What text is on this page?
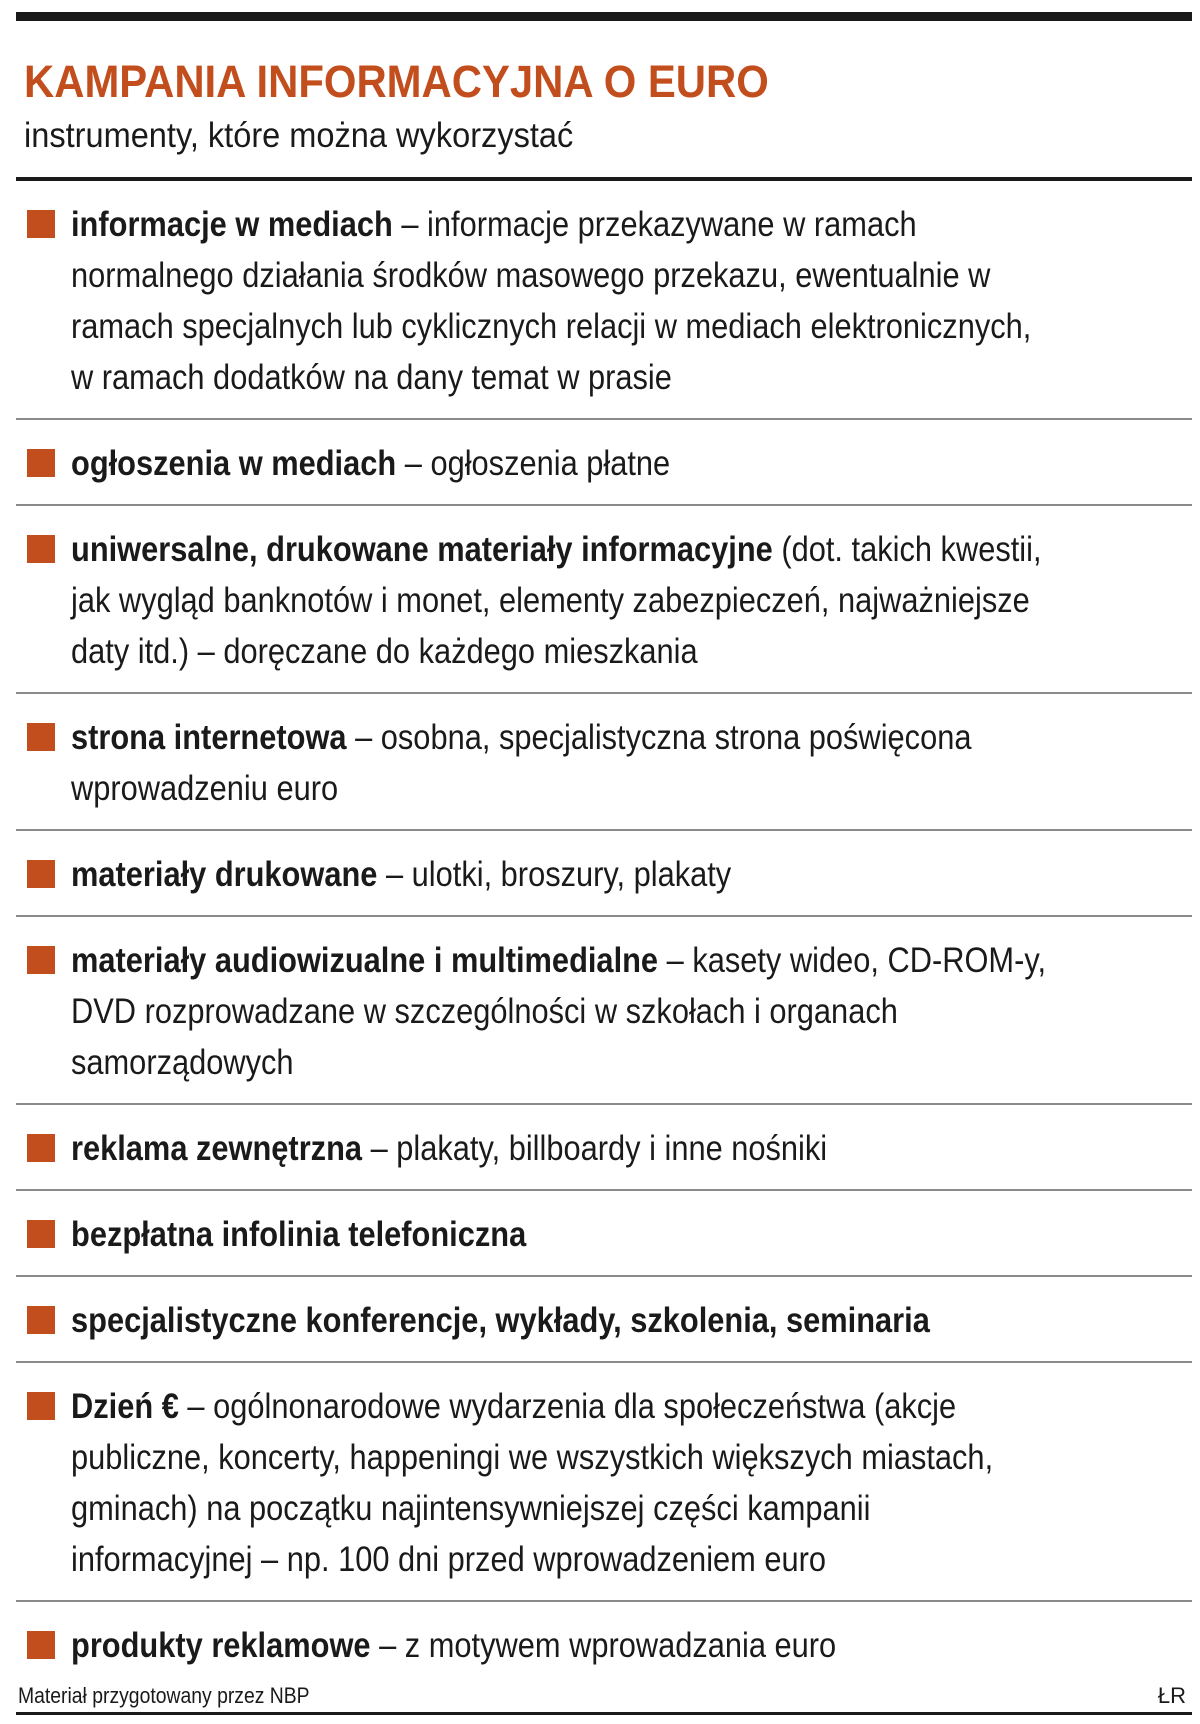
KAMPANIA INFORMACYJNA O EURO
instrumenty, które można wykorzystać
informacje w mediach – informacje przekazywane w ramach normalnego działania środków masowego przekazu, ewentualnie w ramach specjalnych lub cyklicznych relacji w mediach elektronicznych, w ramach dodatków na dany temat w prasie
ogłoszenia w mediach – ogłoszenia płatne
uniwersalne, drukowane materiały informacyjne (dot. takich kwestii, jak wygląd banknotów i monet, elementy zabezpieczeń, najważniejsze daty itd.) – doręczane do każdego mieszkania
strona internetowa – osobna, specjalistyczna strona poświęcona wprowadzeniu euro
materiały drukowane – ulotki, broszury, plakaty
materiały audiowizualne i multimedialne – kasety wideo, CD-ROM-y, DVD rozprowadzane w szczególności w szkołach i organach samorządowych
reklama zewnętrzna – plakaty, billboardy i inne nośniki
bezpłatna infolinia telefoniczna
specjalistyczne konferencje, wykłady, szkolenia, seminaria
Dzień € – ogólnonarodowe wydarzenia dla społeczeństwa (akcje publiczne, koncerty, happeningi we wszystkich większych miastach, gminach) na początku najintensywniejszej części kampanii informacyjnej – np. 100 dni przed wprowadzeniem euro
produkty reklamowe – z motywem wprowadzania euro
Materiał przygotowany przez NBP	ŁR
